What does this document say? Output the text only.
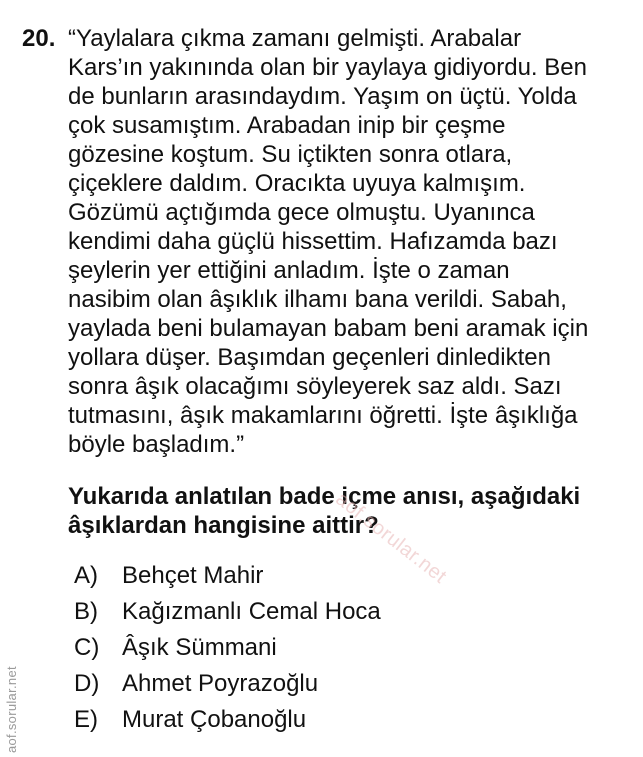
20. “Yaylalara çıkma zamanı gelmişti. Arabalar
Kars’ın yakınında olan bir yaylaya gidiyordu. Ben
de bunların arasındaydım. Yaşım on üçtü. Yolda
çok susamıştım. Arabadan inip bir çeşme
gözesine koştum. Su içtikten sonra otlara,
çiçeklere daldım. Oracıkta uyuya kalmışım.
Gözümü açtığımda gece olmuştu. Uyanınca
kendimi daha güçlü hissettim. Hafızamda bazı
şeylerin yer ettiğini anladım. İşte o zaman
nasibim olan âşıklık ilhamı bana verildi. Sabah,
yaylada beni bulamayan babam beni aramak için
yollara düşer. Başımdan geçenleri dinledikten
sonra âşık olacağımı söyleyerek saz aldı. Sazı
tutmasını, âşık makamlarını öğretti. İşte âşıklığa
böyle başladım.”

Yukarıda anlatılan bade içme anısı, aşağıdaki
âşıklardan hangisine aittir?

A)	Behçet Mahir
B)	Kağızmanlı Cemal Hoca
C) Âşık Sümmani
D) Ahmet Poyrazoğlu
E)	Murat Çobanoğlu
aof.sorular.net
aof.sorular.net
